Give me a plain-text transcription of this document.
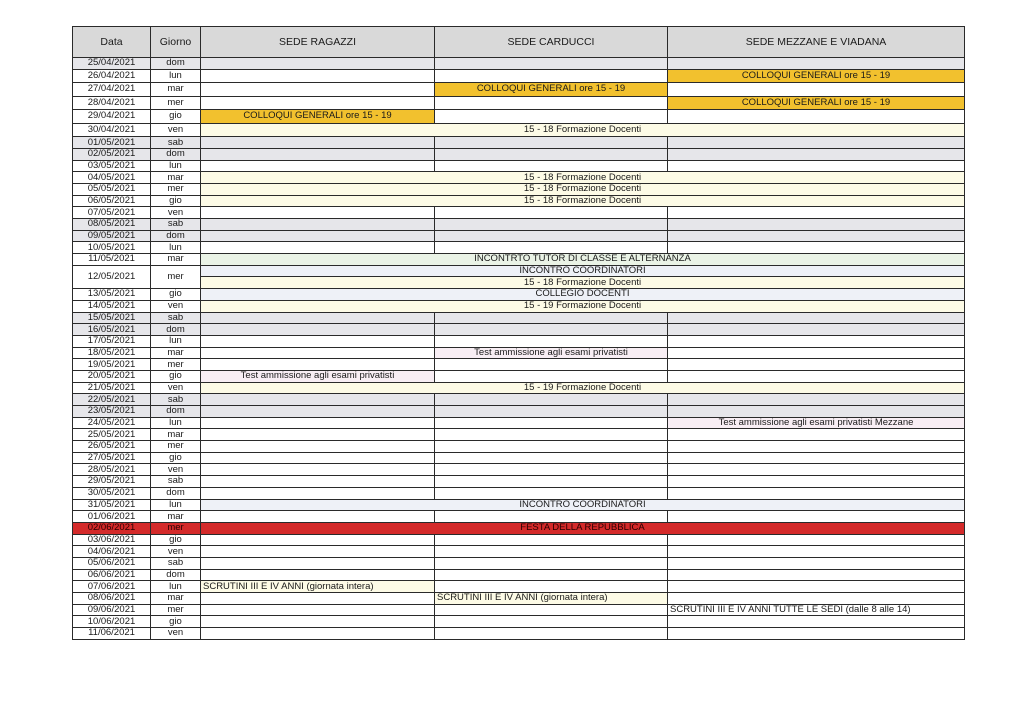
Data	Giorno	SEDE RAGAZZI	SEDE CARDUCCI	SEDE MEZZANE E VIADANA
25/04/2021	dom			
26/04/2021	lun			COLLOQUI GENERALI ore 15 - 19
27/04/2021	mar		COLLOQUI GENERALI ore 15 - 19	
28/04/2021	mer			COLLOQUI GENERALI ore 15 - 19
29/04/2021	gio	COLLOQUI GENERALI ore 15 - 19		
30/04/2021	ven	15 - 18 Formazione Docenti		
01/05/2021	sab			
02/05/2021	dom			
03/05/2021	lun			
04/05/2021	mar	15 - 18 Formazione Docenti		
05/05/2021	mer	15 - 18 Formazione Docenti		
06/05/2021	gio	15 - 18 Formazione Docenti		
07/05/2021	ven			
08/05/2021	sab			
09/05/2021	dom			
10/05/2021	lun			
11/05/2021	mar	INCONTRTO TUTOR DI CLASSE E ALTERNANZA		
12/05/2021	mer	INCONTRO COORDINATORI		
		15 - 18 Formazione Docenti		
13/05/2021	gio	COLLEGIO DOCENTI		
14/05/2021	ven	15 - 19 Formazione Docenti		
15/05/2021	sab			
16/05/2021	dom			
17/05/2021	lun			
18/05/2021	mar		Test ammissione agli esami privatisti	
19/05/2021	mer			
20/05/2021	gio	Test ammissione agli esami privatisti		
21/05/2021	ven	15 - 19 Formazione Docenti		
22/05/2021	sab			
23/05/2021	dom			
24/05/2021	lun			Test ammissione agli esami privatisti Mezzane
25/05/2021	mar			
26/05/2021	mer			
27/05/2021	gio			
28/05/2021	ven			
29/05/2021	sab			
30/05/2021	dom			
31/05/2021	lun	INCONTRO COORDINATORI		
01/06/2021	mar			
02/06/2021	mer	FESTA DELLA REPUBBLICA		
03/06/2021	gio			
04/06/2021	ven			
05/06/2021	sab			
06/06/2021	dom			
07/06/2021	lun	SCRUTINI III E IV ANNI (giornata intera)		
08/06/2021	mar		SCRUTINI III E IV ANNI (giornata intera)	
09/06/2021	mer			SCRUTINI III E IV ANNI TUTTE LE SEDI (dalle 8 alle 14)
10/06/2021	gio			
11/06/2021	ven			
